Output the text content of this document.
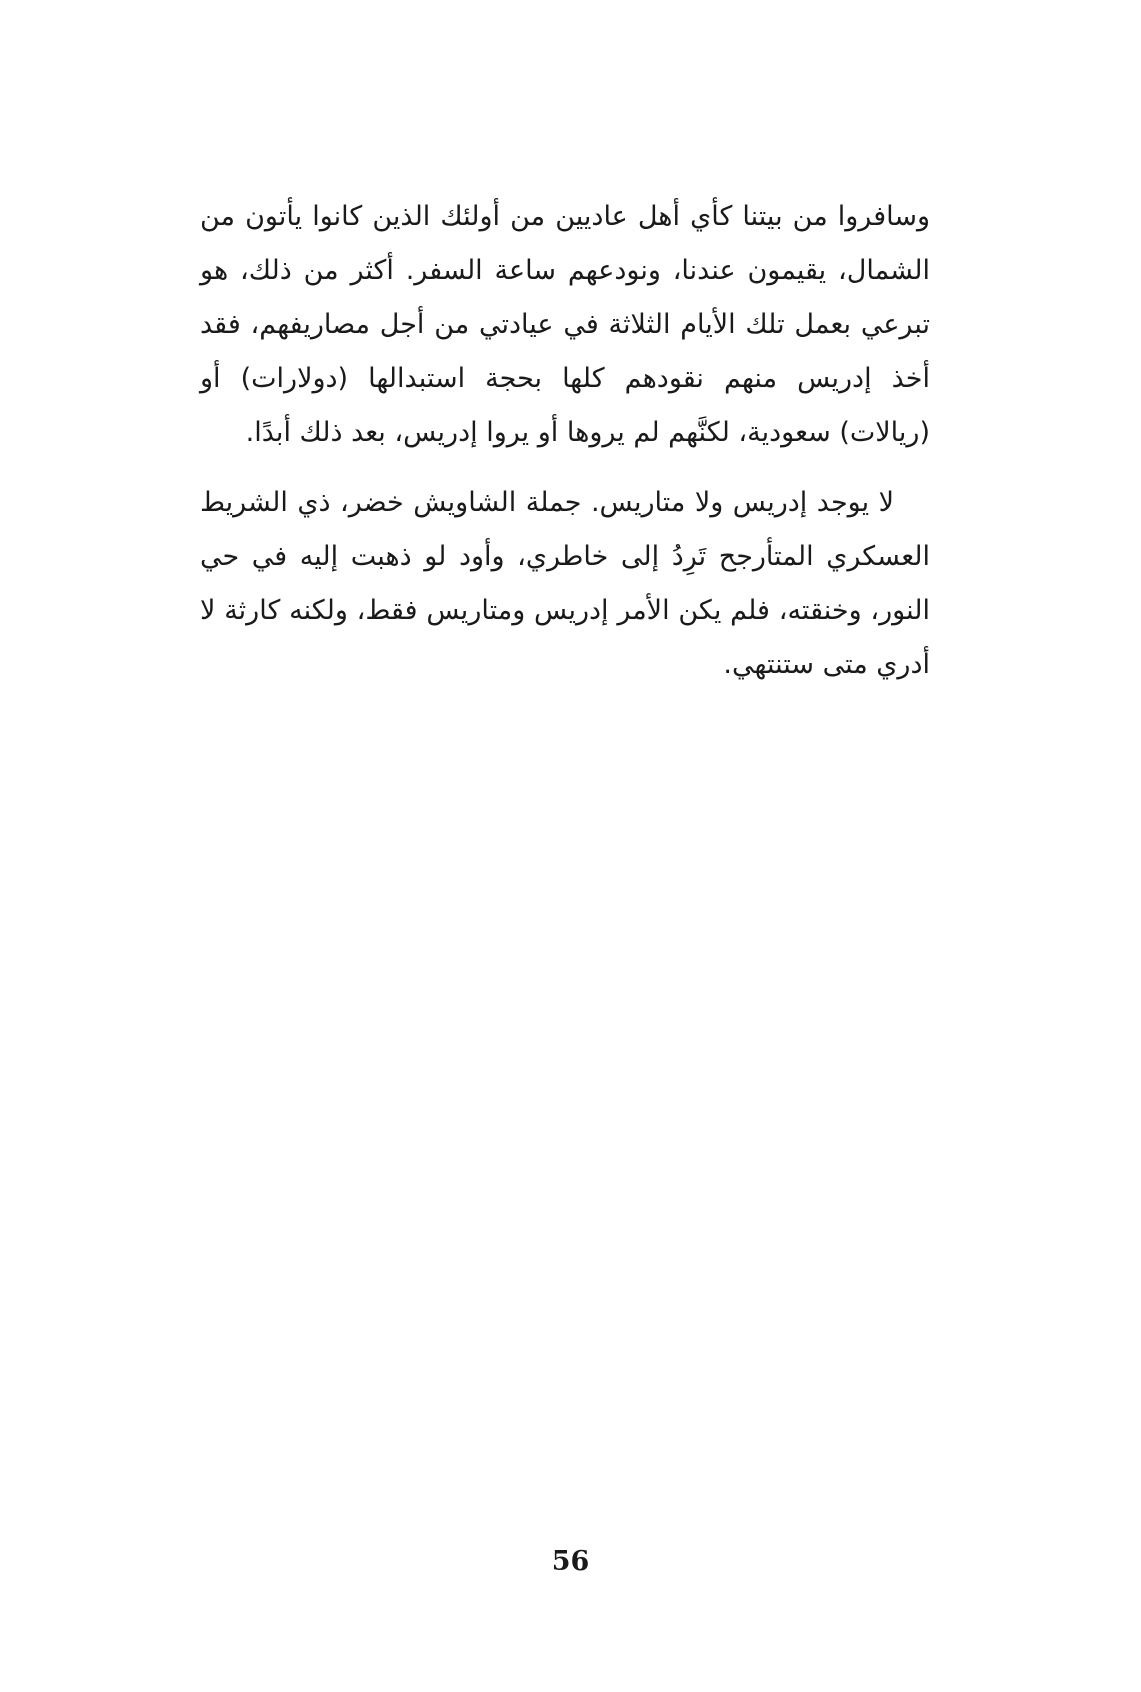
وسافروا من بيتنا كأي أهل عاديين من أولئك الذين كانوا يأتون من الشمال، يقيمون عندنا، ونودعهم ساعة السفر. أكثر من ذلك، هو تبرعي بعمل تلك الأيام الثلاثة في عيادتي من أجل مصاريفهم، فقد أخذ إدريس منهم نقودهم كلها بحجة استبدالها (دولارات) أو (ريالات) سعودية، لكنَّهم لم يروها أو يروا إدريس، بعد ذلك أبدًا.

لا يوجد إدريس ولا متاريس. جملة الشاويش خضر، ذي الشريط العسكري المتأرجح تَرِدُ إلى خاطري، وأود لو ذهبت إليه في حي النور، وخنقته، فلم يكن الأمر إدريس ومتاريس فقط، ولكنه كارثة لا أدري متى ستنتهي.

56
